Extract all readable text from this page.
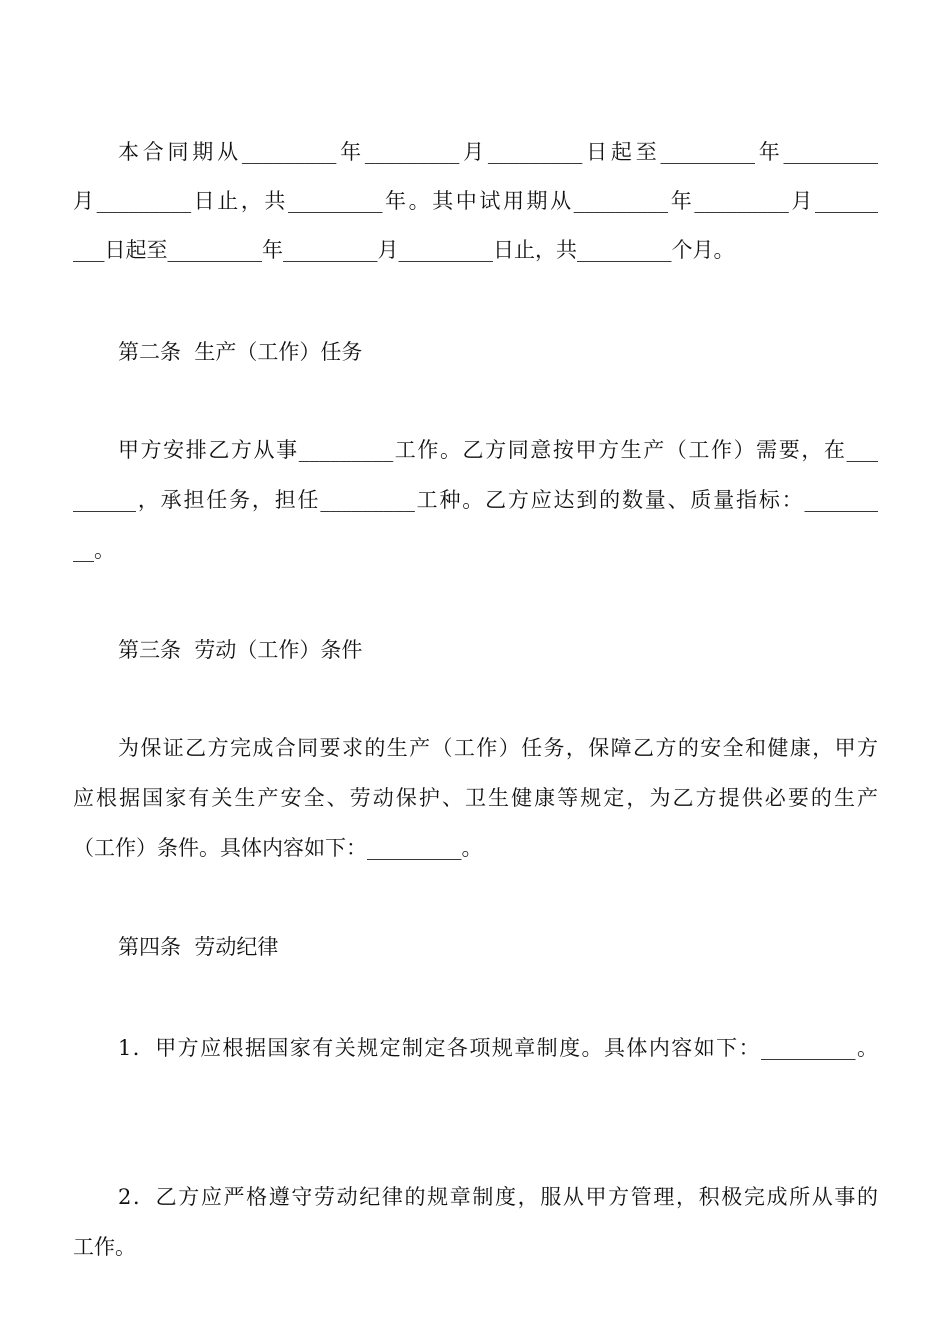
本合同期从_________年_________月_________日起至_________年_________
月_________日止，共_________年。其中试用期从_________年_________月______
___日起至_________年_________月_________日止，共_________个月。
第二条  生产（工作）任务
甲方安排乙方从事_________工作。乙方同意按甲方生产（工作）需要，在___
______，承担任务，担任_________工种。乙方应达到的数量、质量指标：_______
__。
第三条  劳动（工作）条件
为保证乙方完成合同要求的生产（工作）任务，保障乙方的安全和健康，甲方
应根据国家有关生产安全、劳动保护、卫生健康等规定，为乙方提供必要的生产
（工作）条件。具体内容如下：_________。
第四条  劳动纪律
1．甲方应根据国家有关规定制定各项规章制度。具体内容如下：_________。
2．乙方应严格遵守劳动纪律的规章制度，服从甲方管理，积极完成所从事的
工作。
